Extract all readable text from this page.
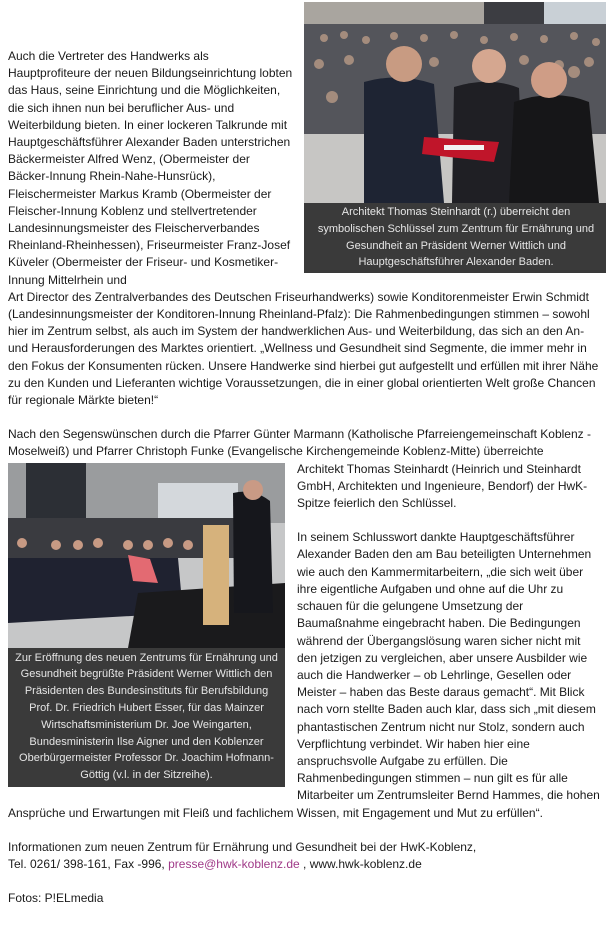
Architekt Thomas Steinhardt (r.) überreicht den symbolischen Schlüssel zum Zentrum für Ernährung und Gesundheit an Präsident Werner Wittlich und Hauptgeschäftsführer Alexander Baden.

Auch die Vertreter des Handwerks als Hauptprofiteure der neuen Bildungseinrichtung lobten das Haus, seine Einrichtung und die Möglichkeiten, die sich ihnen nun bei beruflicher Aus- und Weiterbildung bieten. In einer lockeren Talkrunde mit Hauptgeschäftsführer Alexander Baden unterstrichen Bäckermeister Alfred Wenz, (Obermeister der Bäcker-Innung Rhein-Nahe-Hunsrück), Fleischermeister Markus Kramb (Obermeister der Fleischer-Innung Koblenz und stellvertretender Landesinnungsmeister des Fleischerverbandes Rheinland-Rheinhessen), Friseurmeister Franz-Josef Küveler (Obermeister der Friseur- und Kosmetiker-Innung Mittelrhein und

Art Director des Zentralverbandes des Deutschen Friseurhandwerks) sowie Konditorenmeister Erwin Schmidt (Landesinnungsmeister der Konditoren-Innung Rheinland-Pfalz): Die Rahmenbedingungen stimmen – sowohl hier im Zentrum selbst, als auch im System der handwerklichen Aus- und Weiterbildung, das sich an den An- und Herausforderungen des Marktes orientiert. „Wellness und Gesundheit sind Segmente, die immer mehr in den Fokus der Konsumenten rücken. Unsere Handwerke sind hierbei gut aufgestellt und erfüllen mit ihrer Nähe zu den Kunden und Lieferanten wichtige Voraussetzungen, die in einer global orientierten Welt große Chancen für regionale Märkte bieten!“

Nach den Segenswünschen durch die Pfarrer Günter Marmann (Katholische Pfarreiengemeinschaft Koblenz -Moselweiß) und Pfarrer Christoph Funke (Evangelische Kirchengemeinde Koblenz-Mitte) überreichte

Zur Eröffnung des neuen Zentrums für Ernährung und Gesundheit begrüßte Präsident Werner Wittlich den Präsidenten des Bundesinstituts für Berufsbildung Prof. Dr. Friedrich Hubert Esser, für das Mainzer Wirtschaftsministerium Dr. Joe Weingarten, Bundesministerin Ilse Aigner und den Koblenzer Oberbürgermeister Professor Dr. Joachim Hofmann-Göttig (v.l. in der Sitzreihe).

Architekt Thomas Steinhardt (Heinrich und Steinhardt GmbH, Architekten und Ingenieure, Bendorf) der HwK-Spitze feierlich den Schlüssel.

In seinem Schlusswort dankte Hauptgeschäftsführer Alexander Baden den am Bau beteiligten Unternehmen wie auch den Kammermitarbeitern, „die sich weit über ihre eigentliche Aufgaben und ohne auf die Uhr zu schauen für die gelungene Umsetzung der Baumaßnahme eingebracht haben. Die Bedingungen während der Übergangslösung waren sicher nicht mit den jetzigen zu vergleichen, aber unsere Ausbilder wie auch die Handwerker – ob Lehrlinge, Gesellen oder Meister – haben das Beste daraus gemacht“. Mit Blick nach vorn stellte Baden auch klar, dass sich „mit diesem phantastischen Zentrum nicht nur Stolz, sondern auch Verpflichtung verbindet. Wir haben hier eine anspruchsvolle Aufgabe zu erfüllen. Die Rahmenbedingungen stimmen – nun gilt es für alle Mitarbeiter um Zentrumsleiter Bernd Hammes, die hohen Ansprüche und Erwartungen mit Fleiß und fachlichem Wissen, mit Engagement und Mut zu erfüllen“.

Informationen zum neuen Zentrum für Ernährung und Gesundheit bei der HwK-Koblenz,
Tel. 0261/ 398-161, Fax -996, presse@hwk-koblenz.de , www.hwk-koblenz.de

Fotos: P!ELmedia
